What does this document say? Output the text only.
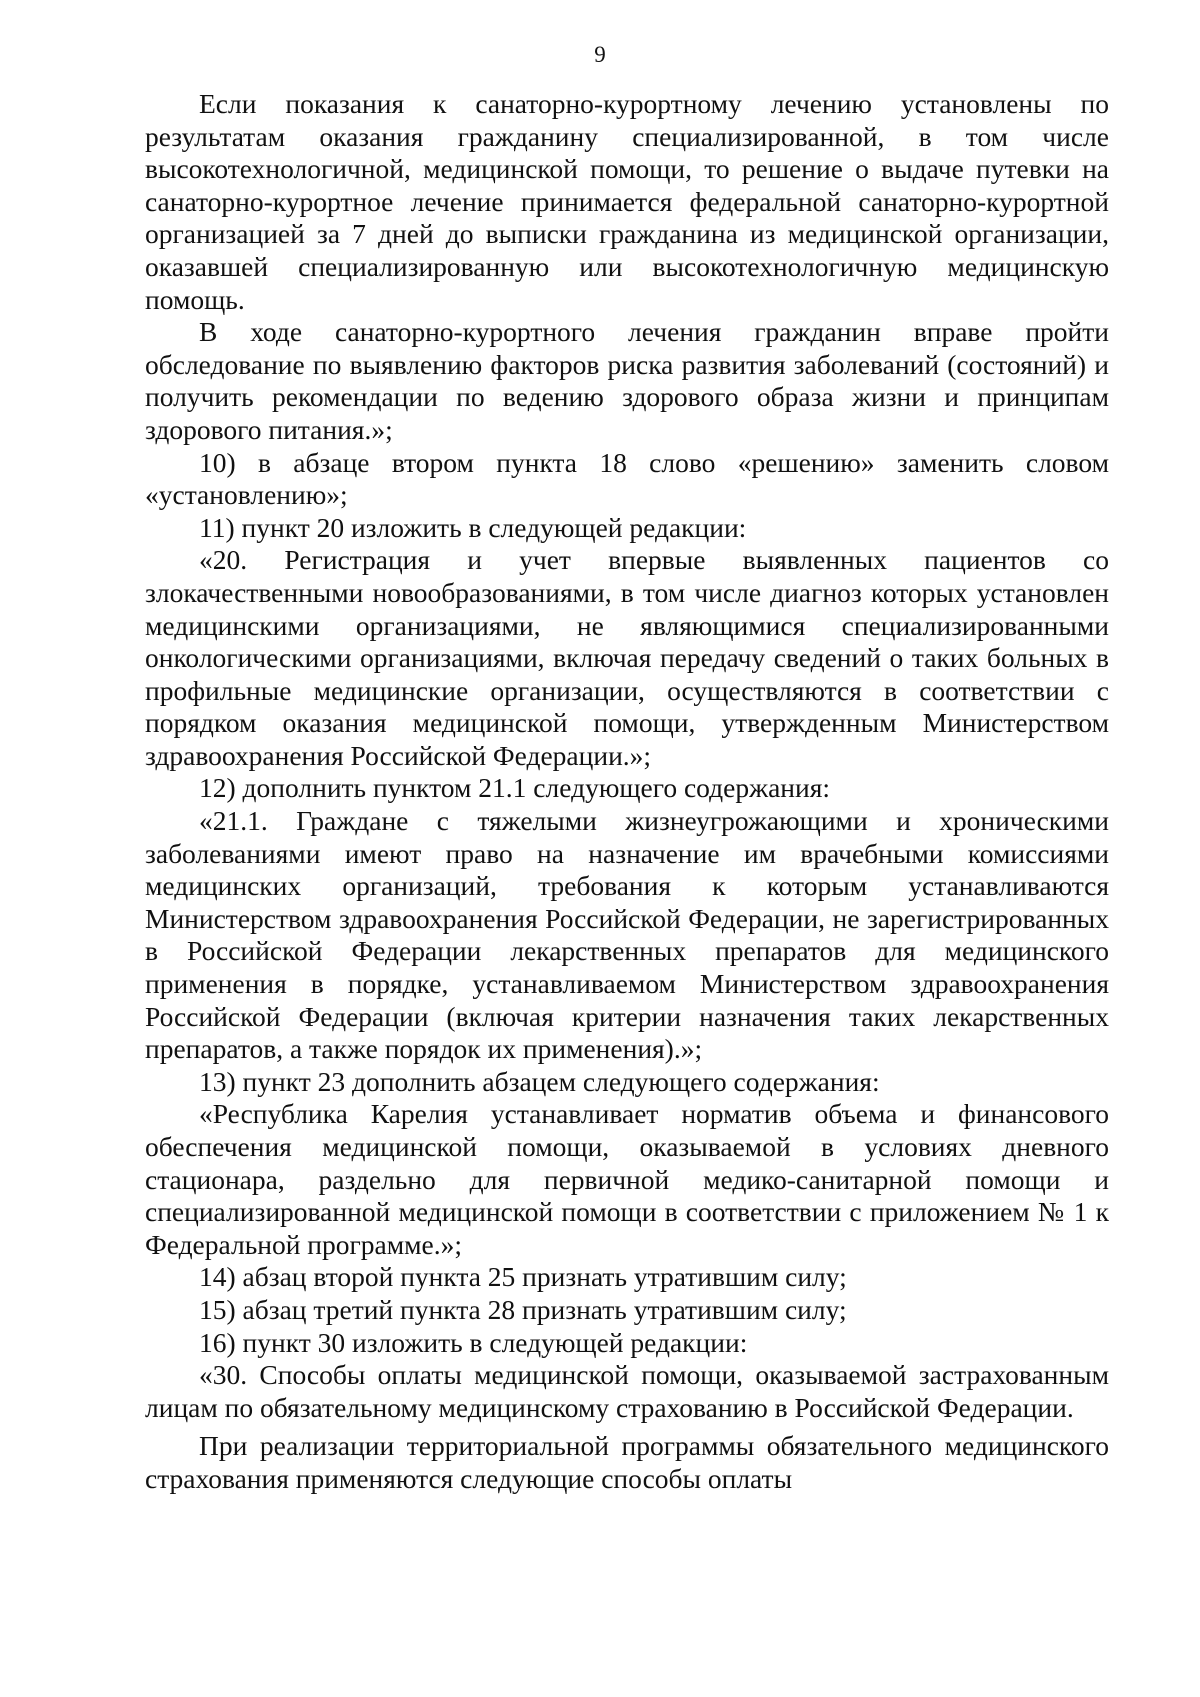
9

Если показания к санаторно-курортному лечению установлены по результатам оказания гражданину специализированной, в том числе высокотехнологичной, медицинской помощи, то решение о выдаче путевки на санаторно-курортное лечение принимается федеральной санаторно-курортной организацией за 7 дней до выписки гражданина из медицинской организации, оказавшей специализированную или высокотехнологичную медицинскую помощь.

В ходе санаторно-курортного лечения гражданин вправе пройти обследование по выявлению факторов риска развития заболеваний (состояний) и получить рекомендации по ведению здорового образа жизни и принципам здорового питания.»;

10) в абзаце втором пункта 18 слово «решению» заменить словом «установлению»;

11) пункт 20 изложить в следующей редакции:

«20. Регистрация и учет впервые выявленных пациентов со злокачественными новообразованиями, в том числе диагноз которых установлен медицинскими организациями, не являющимися специализированными онкологическими организациями, включая передачу сведений о таких больных в профильные медицинские организации, осуществляются в соответствии с порядком оказания медицинской помощи, утвержденным Министерством здравоохранения Российской Федерации.»;

12) дополнить пунктом 21.1 следующего содержания:

«21.1. Граждане с тяжелыми жизнеугрожающими и хроническими заболеваниями имеют право на назначение им врачебными комиссиями медицинских организаций, требования к которым устанавливаются Министерством здравоохранения Российской Федерации, не зарегистрированных в Российской Федерации лекарственных препаратов для медицинского применения в порядке, устанавливаемом Министерством здравоохранения Российской Федерации (включая критерии назначения таких лекарственных препаратов, а также порядок их применения).»;

13) пункт 23 дополнить абзацем следующего содержания:

«Республика Карелия устанавливает норматив объема и финансового обеспечения медицинской помощи, оказываемой в условиях дневного стационара, раздельно для первичной медико-санитарной помощи и специализированной медицинской помощи в соответствии с приложением № 1 к Федеральной программе.»;

14) абзац второй пункта 25 признать утратившим силу;

15) абзац третий пункта 28 признать утратившим силу;

16) пункт 30 изложить в следующей редакции:

«30. Способы оплаты медицинской помощи, оказываемой застрахованным лицам по обязательному медицинскому страхованию в Российской Федерации.

При реализации территориальной программы обязательного медицинского страхования применяются следующие способы оплаты
